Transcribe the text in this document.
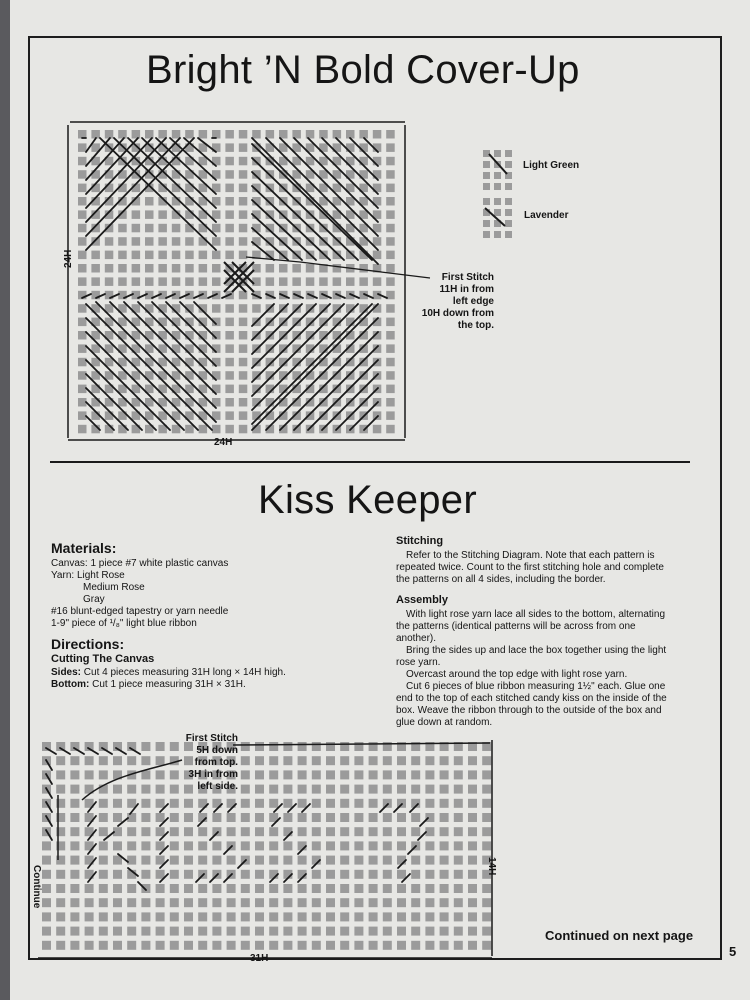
Bright ’N Bold Cover-Up
24H
24H
Light Green
Lavender
First Stitch
11H in from
left edge
10H down from
the top.
Kiss Keeper
Materials:
Canvas: 1 piece #7 white plastic canvas
Yarn: Light Rose
Medium Rose
Gray
#16 blunt-edged tapestry or yarn needle
1-9" piece of ¹/₈" light blue ribbon
Directions:
Cutting The Canvas
Sides: Cut 4 pieces measuring 31H long × 14H high.
Bottom: Cut 1 piece measuring 31H × 31H.
Stitching
Refer to the Stitching Diagram. Note that each pattern is
repeated twice. Count to the first stitching hole and complete
the patterns on all 4 sides, including the border.
Assembly
With light rose yarn lace all sides to the bottom, alternating
the patterns (identical patterns will be across from one
another).
Bring the sides up and lace the box together using the light
rose yarn.
Overcast around the top edge with light rose yarn.
Cut 6 pieces of blue ribbon measuring 1½" each. Glue one
end to the top of each stitched candy kiss on the inside of the
box. Weave the ribbon through to the outside of the box and
glue down at random.
First Stitch
5H down
from top.
3H in from
left side.
Continue	14H
31H
Continued on next page
5
